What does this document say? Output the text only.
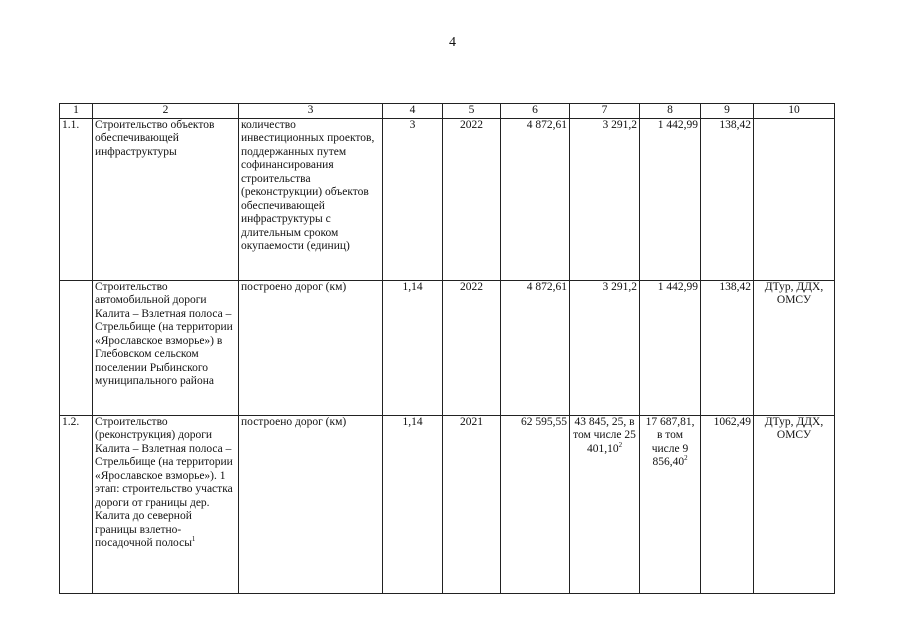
4
1	2	3	4	5	6	7	8	9	10
1.1.	Строительство объектов обеспечивающей инфраструктуры	количество инвестиционных проектов, поддержанных путем софинансирования строительства (реконструкции) объектов обеспечивающей инфраструктуры с длительным сроком окупаемости (единиц)	3	2022	4 872,61	3 291,2	1 442,99	138,42	
	Строительство автомобильной дороги Калита – Взлетная полоса – Стрельбище (на территории «Ярославское взморье») в Глебовском сельском поселении Рыбинского муниципального района	построено дорог (км)	1,14	2022	4 872,61	3 291,2	1 442,99	138,42	ДТур, ДДХ, ОМСУ
1.2.	Строительство (реконструкция) дороги Калита – Взлетная полоса – Стрельбище (на территории «Ярославское взморье»). 1 этап: строительство участка дороги от границы дер. Калита до северной границы взлетно-посадочной полосы$^1$	построено дорог (км)	1,14	2021	62 595,55	43 845, 25, в том числе 25 401,10$^2$	17 687,81, в том числе 9 856,40$^2$	1062,49	ДТур, ДДХ, ОМСУ
